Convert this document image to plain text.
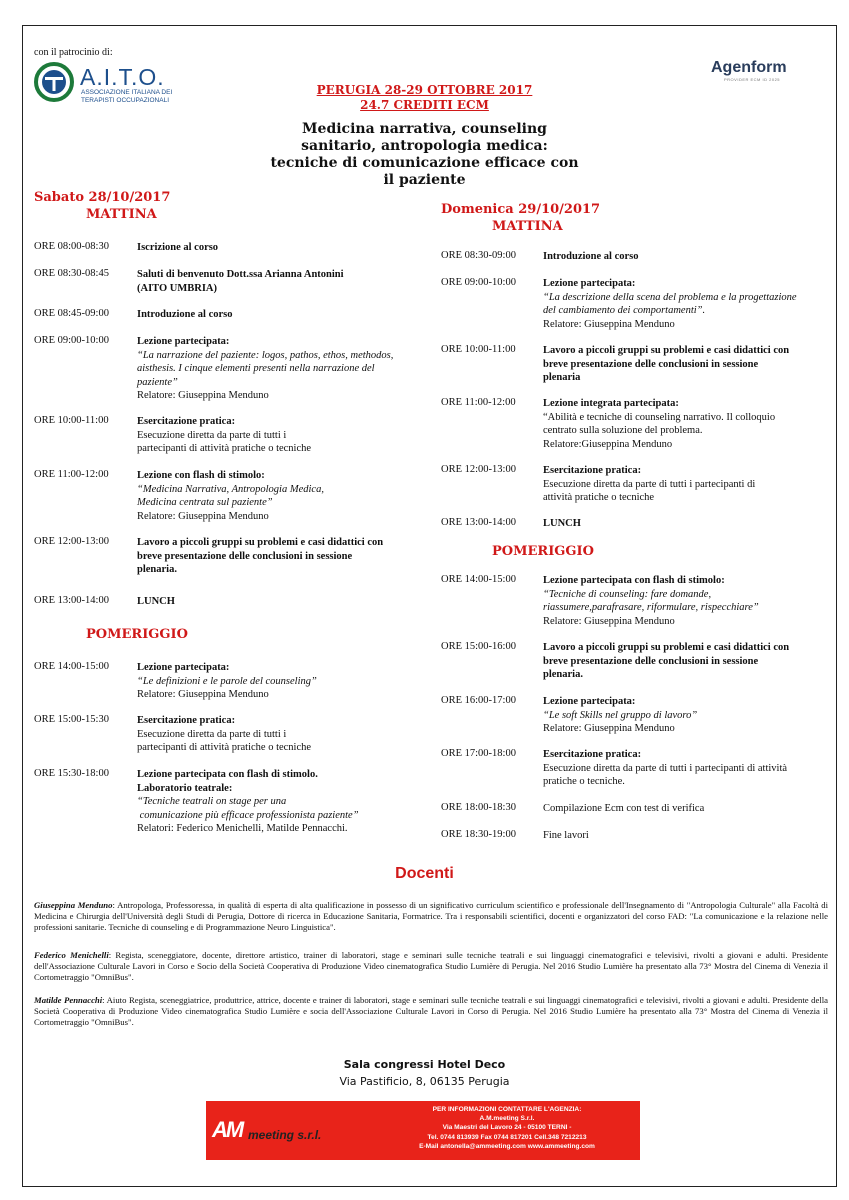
con il patrocinio di:
A.I.T.O.
ASSOCIAZIONE ITALIANA DEI
TERAPISTI OCCUPAZIONALI
Agenform
PROVIDER ECM ID 2025
PERUGIA 28-29 OTTOBRE 2017
24.7 CREDITI ECM
Medicina narrativa, counseling
sanitario, antropologia medica:
tecniche di comunicazione efficace con
il paziente
Sabato 28/10/2017
MATTINA
ORE 08:00-08:30	Iscrizione al corso
ORE 08:30-08:45	Saluti di benvenuto Dott.ssa Arianna Antonini
(AITO UMBRIA)
ORE 08:45-09:00	Introduzione al corso
ORE 09:00-10:00	Lezione partecipata:
“La narrazione del paziente: logos, pathos, ethos, methodos,
aisthesis. I cinque elementi presenti nella narrazione del
paziente”
Relatore: Giuseppina Menduno
ORE 10:00-11:00	Esercitazione pratica:
Esecuzione diretta da parte di tutti i
partecipanti di attività pratiche o tecniche
ORE 11:00-12:00	Lezione con flash di stimolo:
“Medicina Narrativa, Antropologia Medica,
Medicina centrata sul paziente”
Relatore: Giuseppina Menduno
ORE 12:00-13:00	Lavoro a piccoli gruppi su problemi e casi didattici con
breve presentazione delle conclusioni in sessione
plenaria.
ORE 13:00-14:00	LUNCH
POMERIGGIO
ORE 14:00-15:00	Lezione partecipata:
“Le definizioni e le parole del counseling”
Relatore: Giuseppina Menduno
ORE 15:00-15:30	Esercitazione pratica:
Esecuzione diretta da parte di tutti i
partecipanti di attività pratiche o tecniche
ORE 15:30-18:00	Lezione partecipata con flash di stimolo.
Laboratorio teatrale:
“Tecniche teatrali on stage per una
comunicazione più efficace professionista paziente”
Relatori: Federico Menichelli, Matilde Pennacchi.
Domenica 29/10/2017
MATTINA
ORE 08:30-09:00	Introduzione al corso
ORE 09:00-10:00	Lezione partecipata:
“La descrizione della scena del problema e la progettazione
del cambiamento dei comportamenti”.
Relatore: Giuseppina Menduno
ORE 10:00-11:00	Lavoro a piccoli gruppi su problemi e casi didattici con
breve presentazione delle conclusioni in sessione
plenaria
ORE 11:00-12:00	Lezione integrata partecipata:
“Abilità e tecniche di counseling narrativo. Il colloquio
centrato sulla soluzione del problema.
Relatore:Giuseppina Menduno
ORE 12:00-13:00	Esercitazione pratica:
Esecuzione diretta da parte di tutti i partecipanti di
attività pratiche o tecniche
ORE 13:00-14:00	LUNCH
POMERIGGIO
ORE 14:00-15:00	Lezione partecipata con flash di stimolo:
“Tecniche di counseling: fare domande,
riassumere,parafrasare, riformulare, rispecchiare”
Relatore: Giuseppina Menduno
ORE 15:00-16:00	Lavoro a piccoli gruppi su problemi e casi didattici con
breve presentazione delle conclusioni in sessione
plenaria.
ORE 16:00-17:00	Lezione partecipata:
“Le soft Skills nel gruppo di lavoro”
Relatore: Giuseppina Menduno
ORE 17:00-18:00	Esercitazione pratica:
Esecuzione diretta da parte di tutti i partecipanti di attività
pratiche o tecniche.
ORE 18:00-18:30	Compilazione Ecm con test di verifica
ORE 18:30-19:00	Fine lavori
Docenti
Giuseppina Menduno: Antropologa, Professoressa, in qualità di esperta di alta qualificazione in possesso di un significativo curriculum scientifico e professionale dell'Insegnamento di "Antropologia Culturale" alla Facoltà di Medicina e Chirurgia dell'Università degli Studi di Perugia, Dottore di ricerca in Educazione Sanitaria, Formatrice. Tra i responsabili scientifici, docenti e organizzatori del corso FAD: "La comunicazione e la relazione nelle professioni sanitarie. Tecniche di counseling e di Programmazione Neuro Linguistica".
Federico Menichelli: Regista, sceneggiatore, docente, direttore artistico, trainer di laboratori, stage e seminari sulle tecniche teatrali e sui linguaggi cinematografici e televisivi, rivolti a giovani e adulti. Presidente dell'Associazione Culturale Lavori in Corso e Socio della Società Cooperativa di Produzione Video cinematografica Studio Lumière di Perugia. Nel 2016 Studio Lumière ha presentato alla 73° Mostra del Cinema di Venezia il Cortometraggio "OmniBus".
Matilde Pennacchi: Aiuto Regista, sceneggiatrice, produttrice, attrice, docente e trainer di laboratori, stage e seminari sulle tecniche teatrali e sui linguaggi cinematografici e televisivi, rivolti a giovani e adulti. Presidente della Società Cooperativa di Produzione Video cinematografica Studio Lumière e socia dell'Associazione Culturale Lavori in Corso di Perugia. Nel 2016 Studio Lumière ha presentato alla 73° Mostra del Cinema di Venezia il Cortometraggio "OmniBus".
Sala congressi Hotel Deco
Via Pastificio, 8, 06135 Perugia
AM meeting s.r.l.
PER INFORMAZIONI CONTATTARE L'AGENZIA:
A.M.meeting S.r.l.
Via Maestri del Lavoro 24 - 05100 TERNI -
Tel. 0744 813939 Fax 0744 817201 Cell.348 7212213
E-Mail antonella@ammeeting.com www.ammeeting.com
